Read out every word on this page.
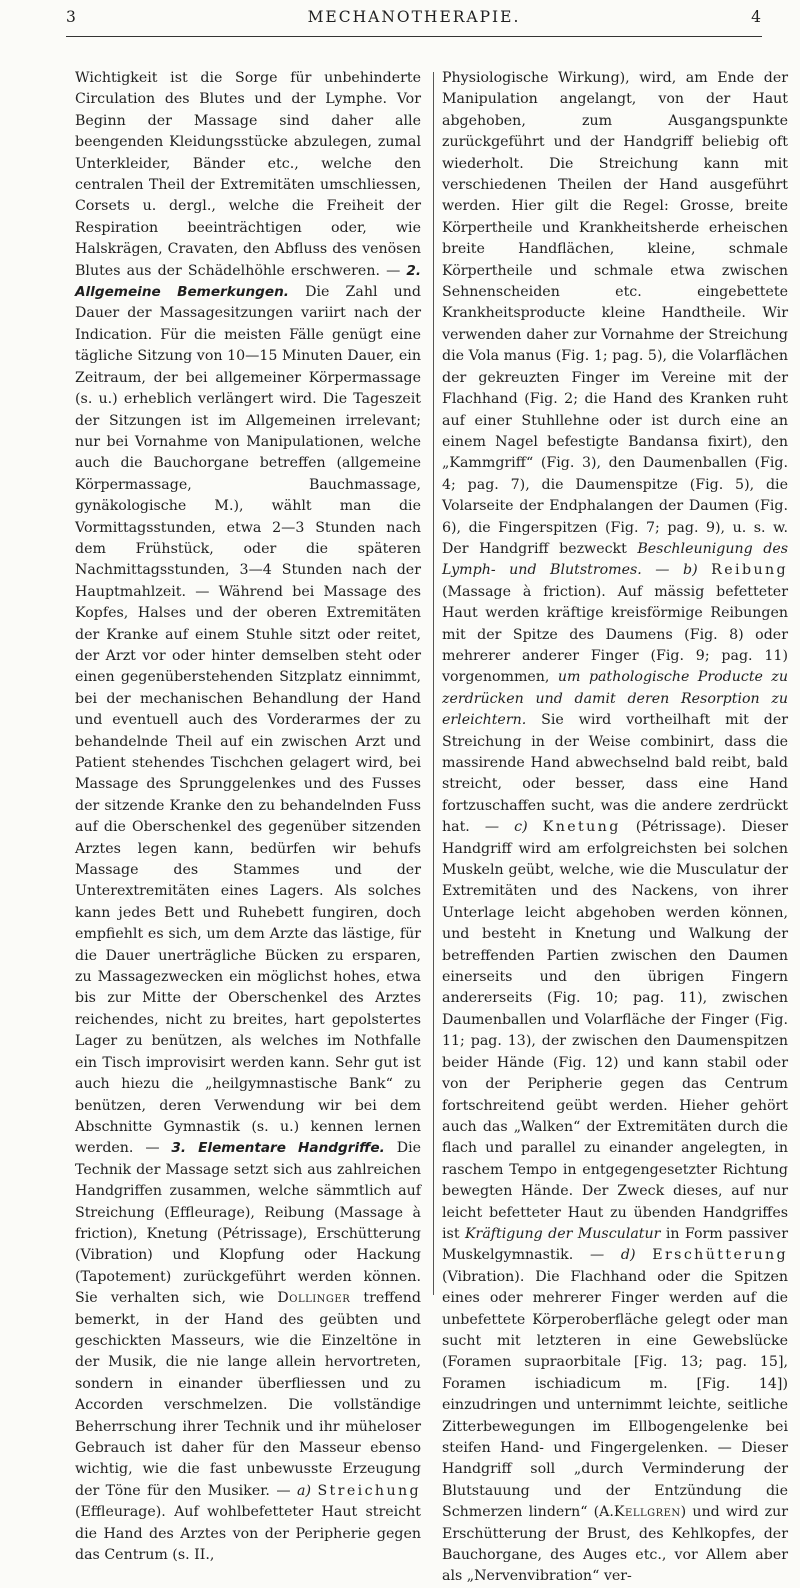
3	MECHANOTHERAPIE.	4

Wichtigkeit ist die Sorge für unbehinderte Circulation des Blutes und der Lymphe. Vor Beginn der Massage sind daher alle beengenden Kleidungsstücke abzulegen, zumal Unterkleider, Bänder etc., welche den centralen Theil der Extremitäten umschliessen, Corsets u. dergl., welche die Freiheit der Respiration beeinträchtigen oder, wie Halskrägen, Cravaten, den Abfluss des venösen Blutes aus der Schädelhöhle erschweren. — 2. Allgemeine Bemerkungen. Die Zahl und Dauer der Massagesitzungen variirt nach der Indication. Für die meisten Fälle genügt eine tägliche Sitzung von 10—15 Minuten Dauer, ein Zeitraum, der bei allgemeiner Körpermassage (s. u.) erheblich verlängert wird. Die Tageszeit der Sitzungen ist im Allgemeinen irrelevant; nur bei Vornahme von Manipulationen, welche auch die Bauchorgane betreffen (allgemeine Körpermassage, Bauchmassage, gynäkologische M.), wählt man die Vormittagsstunden, etwa 2—3 Stunden nach dem Frühstück, oder die späteren Nachmittagsstunden, 3—4 Stunden nach der Hauptmahlzeit. — Während bei Massage des Kopfes, Halses und der oberen Extremitäten der Kranke auf einem Stuhle sitzt oder reitet, der Arzt vor oder hinter demselben steht oder einen gegenüberstehenden Sitzplatz einnimmt, bei der mechanischen Behandlung der Hand und eventuell auch des Vorderarmes der zu behandelnde Theil auf ein zwischen Arzt und Patient stehendes Tischchen gelagert wird, bei Massage des Sprunggelenkes und des Fusses der sitzende Kranke den zu behandelnden Fuss auf die Oberschenkel des gegenüber sitzenden Arztes legen kann, bedürfen wir behufs Massage des Stammes und der Unterextremitäten eines Lagers. Als solches kann jedes Bett und Ruhebett fungiren, doch empfiehlt es sich, um dem Arzte das lästige, für die Dauer unerträgliche Bücken zu ersparen, zu Massagezwecken ein möglichst hohes, etwa bis zur Mitte der Oberschenkel des Arztes reichendes, nicht zu breites, hart gepolstertes Lager zu benützen, als welches im Nothfalle ein Tisch improvisirt werden kann. Sehr gut ist auch hiezu die „heilgymnastische Bank“ zu benützen, deren Verwendung wir bei dem Abschnitte Gymnastik (s. u.) kennen lernen werden. — 3. Elementare Handgriffe. Die Technik der Massage setzt sich aus zahlreichen Handgriffen zusammen, welche sämmtlich auf Streichung (Effleurage), Reibung (Massage à friction), Knetung (Pétrissage), Erschütterung (Vibration) und Klopfung oder Hackung (Tapotement) zurückgeführt werden können. Sie verhalten sich, wie Dollinger treffend bemerkt, in der Hand des geübten und geschickten Masseurs, wie die Einzeltöne in der Musik, die nie lange allein hervortreten, sondern in einander überfliessen und zu Accorden verschmelzen. Die vollständige Beherrschung ihrer Technik und ihr müheloser Gebrauch ist daher für den Masseur ebenso wichtig, wie die fast unbewusste Erzeugung der Töne für den Musiker. — a) Streichung (Effleurage). Auf wohlbefetteter Haut streicht die Hand des Arztes von der Peripherie gegen das Centrum (s. II.,

Physiologische Wirkung), wird, am Ende der Manipulation angelangt, von der Haut abgehoben, zum Ausgangspunkte zurückgeführt und der Handgriff beliebig oft wiederholt. Die Streichung kann mit verschiedenen Theilen der Hand ausgeführt werden. Hier gilt die Regel: Grosse, breite Körpertheile und Krankheitsherde erheischen breite Handflächen, kleine, schmale Körpertheile und schmale etwa zwischen Sehnenscheiden etc. eingebettete Krankheitsproducte kleine Handtheile. Wir verwenden daher zur Vornahme der Streichung die Vola manus (Fig. 1; pag. 5), die Volarflächen der gekreuzten Finger im Vereine mit der Flachhand (Fig. 2; die Hand des Kranken ruht auf einer Stuhllehne oder ist durch eine an einem Nagel befestigte Bandansa fixirt), den „Kammgriff“ (Fig. 3), den Daumenballen (Fig. 4; pag. 7), die Daumenspitze (Fig. 5), die Volarseite der Endphalangen der Daumen (Fig. 6), die Fingerspitzen (Fig. 7; pag. 9), u. s. w. Der Handgriff bezweckt Beschleunigung des Lymph- und Blutstromes. — b) Reibung (Massage à friction). Auf mässig befetteter Haut werden kräftige kreisförmige Reibungen mit der Spitze des Daumens (Fig. 8) oder mehrerer anderer Finger (Fig. 9; pag. 11) vorgenommen, um pathologische Producte zu zerdrücken und damit deren Resorption zu erleichtern. Sie wird vortheilhaft mit der Streichung in der Weise combinirt, dass die massirende Hand abwechselnd bald reibt, bald streicht, oder besser, dass eine Hand fortzuschaffen sucht, was die andere zerdrückt hat. — c) Knetung (Pétrissage). Dieser Handgriff wird am erfolgreichsten bei solchen Muskeln geübt, welche, wie die Musculatur der Extremitäten und des Nackens, von ihrer Unterlage leicht abgehoben werden können, und besteht in Knetung und Walkung der betreffenden Partien zwischen den Daumen einerseits und den übrigen Fingern andererseits (Fig. 10; pag. 11), zwischen Daumenballen und Volarfläche der Finger (Fig. 11; pag. 13), der zwischen den Daumenspitzen beider Hände (Fig. 12) und kann stabil oder von der Peripherie gegen das Centrum fortschreitend geübt werden. Hieher gehört auch das „Walken“ der Extremitäten durch die flach und parallel zu einander angelegten, in raschem Tempo in entgegengesetzter Richtung bewegten Hände. Der Zweck dieses, auf nur leicht befetteter Haut zu übenden Handgriffes ist Kräftigung der Musculatur in Form passiver Muskelgymnastik. — d) Erschütterung (Vibration). Die Flachhand oder die Spitzen eines oder mehrerer Finger werden auf die unbefettete Körperoberfläche gelegt oder man sucht mit letzteren in eine Gewebslücke (Foramen supraorbitale [Fig. 13; pag. 15], Foramen ischiadicum m. [Fig. 14]) einzudringen und unternimmt leichte, seitliche Zitterbewegungen im Ellbogengelenke bei steifen Hand- und Fingergelenken. — Dieser Handgriff soll „durch Verminderung der Blutstauung und der Entzündung die Schmerzen lindern“ (A.Kellgren) und wird zur Erschütterung der Brust, des Kehlkopfes, der Bauchorgane, des Auges etc., vor Allem aber als „Nervenvibration“ ver-
